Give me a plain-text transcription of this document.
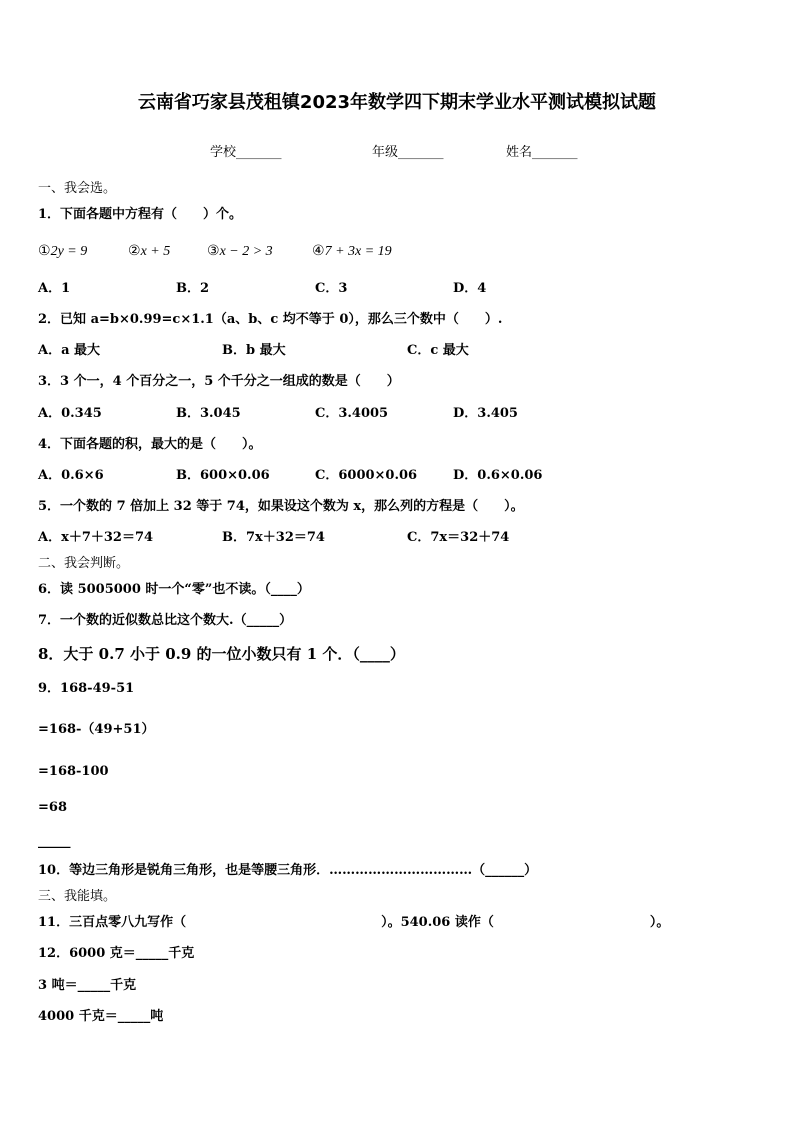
云南省巧家县茂租镇2023年数学四下期末学业水平测试模拟试题
学校_______	年级_______	姓名_______
一、我会选。
1．下面各题中方程有（　　）个。
①2y = 9	②x + 5	③x − 2 > 3	④7 + 3x = 19
A．1	B．2	C．3	D．4
2．已知 a=b×0.99=c×1.1（a、b、c 均不等于 0），那么三个数中（　　）.
A．a 最大	B．b 最大	C．c 最大
3．3 个一，4 个百分之一，5 个千分之一组成的数是（　　）
A．0.345	B．3.045	C．3.4005	D．3.405
4．下面各题的积，最大的是（　　）。
A．0.6×6	B．600×0.06	C．6000×0.06	D．0.6×0.06
5．一个数的 7 倍加上 32 等于 74，如果设这个数为 x，那么列的方程是（　　）。
A．x＋7＋32＝74	B．7x＋32＝74	C．7x＝32＋74
二、我会判断。
6．读 5005000 时一个“零”也不读。（____）
7．一个数的近似数总比这个数大.（_____）
8．大于 0.7 小于 0.9 的一位小数只有 1 个．（____）
9．168-49-51
=168-（49+51）
=168-100
=68
_____
10．等边三角形是锐角三角形，也是等腰三角形．……………………………（______）
三、我能填。
11．三百点零八九写作（　　　　　　　　　　　　　　　）。540.06 读作（　　　　　　　　　　　　）。
12．6000 克＝_____千克
3 吨＝_____千克
4000 千克＝_____吨
